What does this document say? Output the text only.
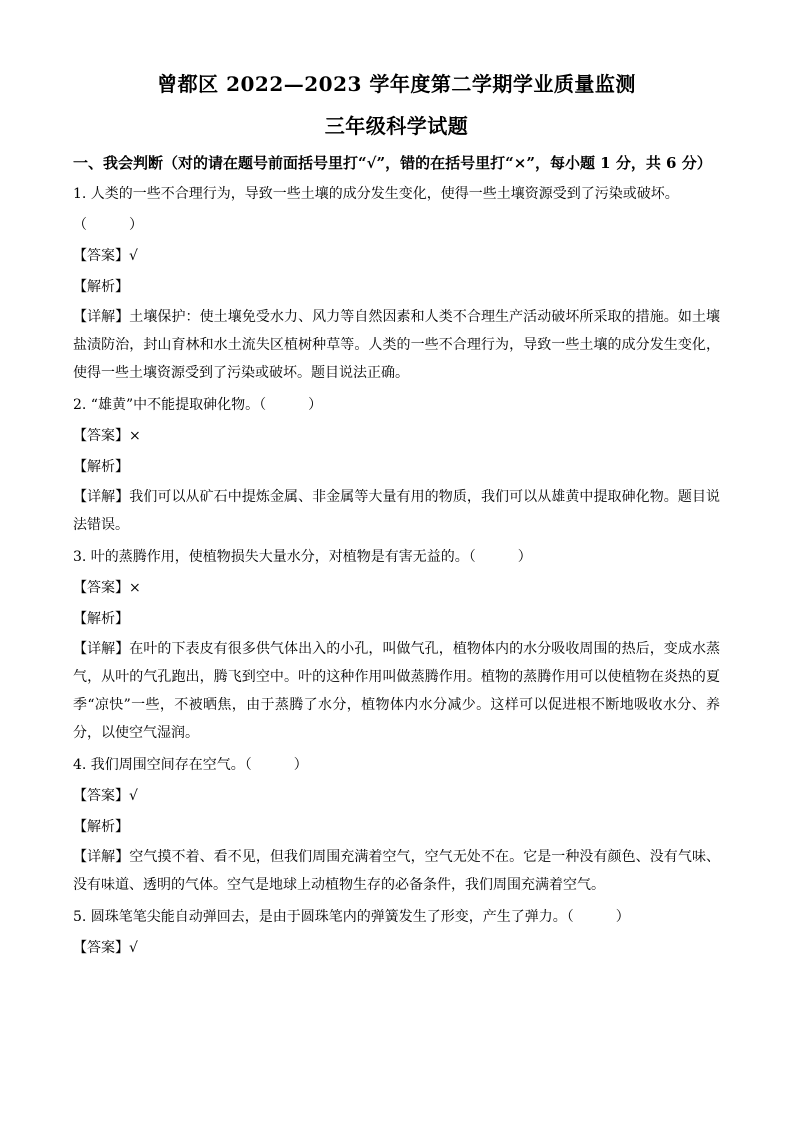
曾都区 2022—2023 学年度第二学期学业质量监测
三年级科学试题

一、我会判断（对的请在题号前面括号里打“√”，错的在括号里打“×”，每小题 1 分，共 6 分）

1. 人类的一些不合理行为，导致一些土壤的成分发生变化，使得一些土壤资源受到了污染或破坏。

（　　　）

【答案】√

【解析】

【详解】土壤保护：使土壤免受水力、风力等自然因素和人类不合理生产活动破坏所采取的措施。如土壤盐渍防治，封山育林和水土流失区植树种草等。人类的一些不合理行为，导致一些土壤的成分发生变化，使得一些土壤资源受到了污染或破坏。题目说法正确。

2. “雄黄”中不能提取砷化物。（　　　）

【答案】×

【解析】

【详解】我们可以从矿石中提炼金属、非金属等大量有用的物质，我们可以从雄黄中提取砷化物。题目说法错误。

3. 叶的蒸腾作用，使植物损失大量水分，对植物是有害无益的。（　　　）

【答案】×

【解析】

【详解】在叶的下表皮有很多供气体出入的小孔，叫做气孔，植物体内的水分吸收周围的热后，变成水蒸气，从叶的气孔跑出，腾飞到空中。叶的这种作用叫做蒸腾作用。植物的蒸腾作用可以使植物在炎热的夏季“凉快”一些，不被晒焦，由于蒸腾了水分，植物体内水分减少。这样可以促进根不断地吸收水分、养分，以使空气湿润。

4. 我们周围空间存在空气。（　　　）

【答案】√

【解析】

【详解】空气摸不着、看不见，但我们周围充满着空气，空气无处不在。它是一种没有颜色、没有气味、没有味道、透明的气体。空气是地球上动植物生存的必备条件，我们周围充满着空气。

5. 圆珠笔笔尖能自动弹回去，是由于圆珠笔内的弹簧发生了形变，产生了弹力。（　　　）

【答案】√
